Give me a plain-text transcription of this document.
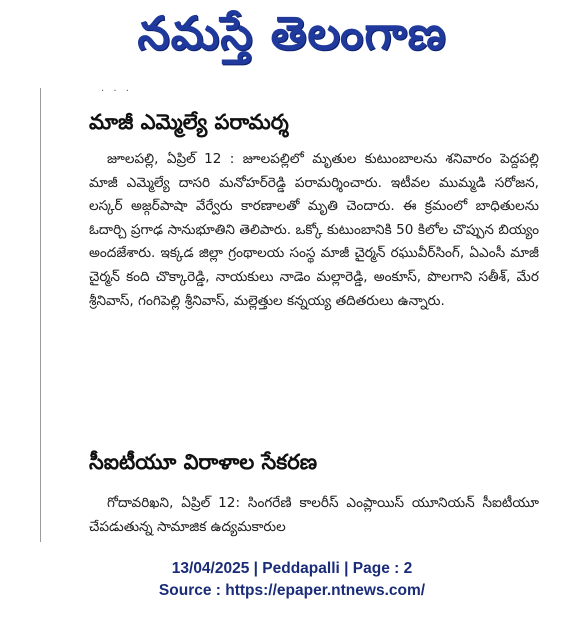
నమస్తే తెలంగాణ
· · ·
మాజీ ఎమ్మెల్యే పరామర్శ

జూలపల్లి, ఏప్రిల్ 12 : జూలపల్లిలో మృతుల కుటుంబాలను శనివారం పెద్దపల్లి మాజీ ఎమ్మెల్యే దాసరి మనోహర్‌రెడ్డి పరామర్శించారు. ఇటీవల ముమ్మడి సరోజన, లస్కర్ అజ్గర్‌పాషా వేర్వేరు కారణాలతో మృతి చెందారు. ఈ క్రమంలో బాధితులను ఓదార్చి ప్రగాఢ సానుభూతిని తెలిపారు. ఒక్కో కుటుంబానికి 50 కిలోల చొప్పున బియ్యం అందజేశారు. ఇక్కడ జిల్లా గ్రంథాలయ సంస్థ మాజీ చైర్మన్ రఘువీర్‌సింగ్, ఏఎంసీ మాజీ చైర్మన్ కంది చొక్కారెడ్డి, నాయకులు నాడెం మల్లారెడ్డి, అంకూస్, పొలగాని సతీశ్, మేర శ్రీనివాస్, గంగిపెల్లి శ్రీనివాస్, మల్లెత్తుల కన్నయ్య తదితరులు ఉన్నారు.

సీఐటీయూ విరాళాల సేకరణ

గోదావరిఖని, ఏప్రిల్ 12: సింగరేణి కాలరీస్ ఎంప్లాయిస్ యూనియన్ సీఐటీయూ చేపడుతున్న సామాజిక ఉద్యమకారుల

13/04/2025 | Peddapalli | Page : 2
Source : https://epaper.ntnews.com/
